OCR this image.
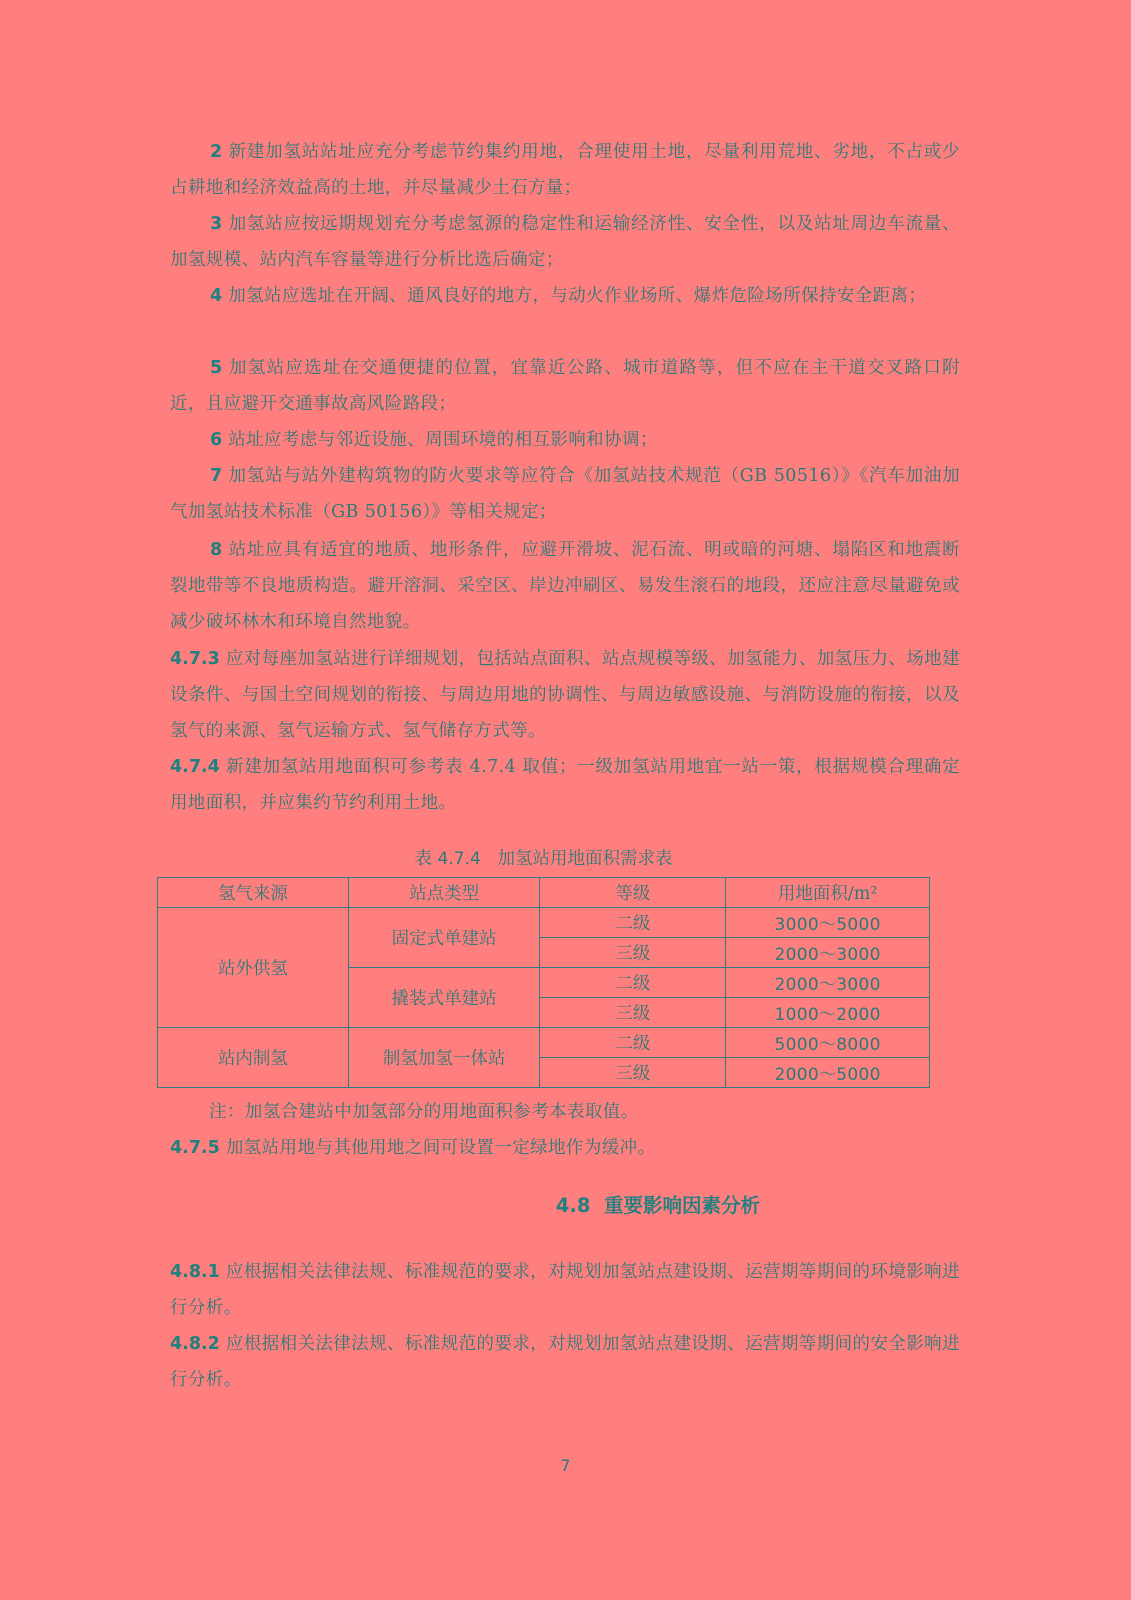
2 新建加氢站站址应充分考虑节约集约用地，合理使用土地，尽量利用荒地、劣地，不占或少占耕地和经济效益高的土地，并尽量减少土石方量；

3 加氢站应按远期规划充分考虑氢源的稳定性和运输经济性、安全性，以及站址周边车流量、加氢规模、站内汽车容量等进行分析比选后确定；

4 加氢站应选址在开阔、通风良好的地方，与动火作业场所、爆炸危险场所保持安全距离；

5 加氢站应选址在交通便捷的位置，宜靠近公路、城市道路等，但不应在主干道交叉路口附近，且应避开交通事故高风险路段；

6 站址应考虑与邻近设施、周围环境的相互影响和协调；

7 加氢站与站外建构筑物的防火要求等应符合《加氢站技术规范（GB 50516）》《汽车加油加气加氢站技术标准（GB 50156）》等相关规定；

8 站址应具有适宜的地质、地形条件，应避开滑坡、泥石流、明或暗的河塘、塌陷区和地震断裂地带等不良地质构造。避开溶洞、采空区、岸边冲刷区、易发生滚石的地段，还应注意尽量避免或减少破坏林木和环境自然地貌。

4.7.3 应对每座加氢站进行详细规划，包括站点面积、站点规模等级、加氢能力、加氢压力、场地建设条件、与国土空间规划的衔接、与周边用地的协调性、与周边敏感设施、与消防设施的衔接，以及氢气的来源、氢气运输方式、氢气储存方式等。

4.7.4 新建加氢站用地面积可参考表 4.7.4 取值；一级加氢站用地宜一站一策，根据规模合理确定用地面积，并应集约节约利用土地。

表 4.7.4 加氢站用地面积需求表
氢气来源	站点类型	等级	用地面积/m²
站外供氢	固定式单建站	二级	3000～5000
		三级	2000～3000
	撬装式单建站	二级	2000～3000
		三级	1000～2000
站内制氢	制氢加氢一体站	二级	5000～8000
		三级	2000～5000
注：加氢合建站中加氢部分的用地面积参考本表取值。

4.7.5 加氢站用地与其他用地之间可设置一定绿地作为缓冲。

4.8 重要影响因素分析

4.8.1 应根据相关法律法规、标准规范的要求，对规划加氢站点建设期、运营期等期间的环境影响进行分析。

4.8.2 应根据相关法律法规、标准规范的要求，对规划加氢站点建设期、运营期等期间的安全影响进行分析。

7
